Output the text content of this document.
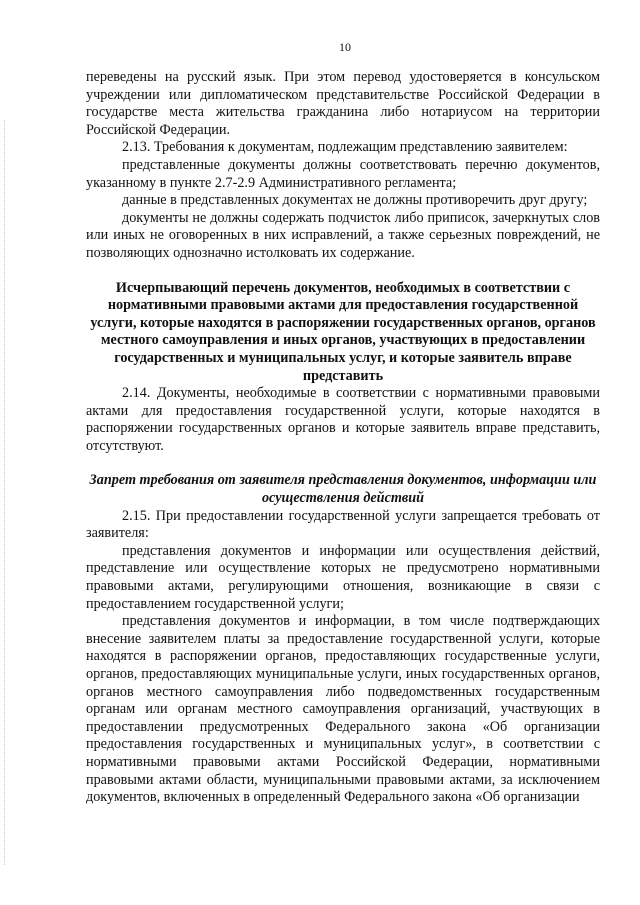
10

переведены на русский язык. При этом перевод удостоверяется в консульском учреждении или дипломатическом представительстве Российской Федерации в государстве места жительства гражданина либо нотариусом на территории Российской Федерации.

2.13. Требования к документам, подлежащим представлению заявителем:

представленные документы должны соответствовать перечню документов, указанному в пункте 2.7-2.9 Административного регламента;

данные в представленных документах не должны противоречить друг другу;

документы не должны содержать подчисток либо приписок, зачеркнутых слов или иных не оговоренных в них исправлений, а также серьезных повреждений, не позволяющих однозначно истолковать их содержание.

Исчерпывающий перечень документов, необходимых в соответствии с нормативными правовыми актами для предоставления государственной услуги, которые находятся в распоряжении государственных органов, органов местного самоуправления и иных органов, участвующих в предоставлении государственных и муниципальных услуг, и которые заявитель вправе представить

2.14. Документы, необходимые в соответствии с нормативными правовыми актами для предоставления государственной услуги, которые находятся в распоряжении государственных органов и которые заявитель вправе представить, отсутствуют.

Запрет требования от заявителя представления документов, информации или осуществления действий

2.15. При предоставлении государственной услуги запрещается требовать от заявителя:

представления документов и информации или осуществления действий, представление или осуществление которых не предусмотрено нормативными правовыми актами, регулирующими отношения, возникающие в связи с предоставлением государственной услуги;

представления документов и информации, в том числе подтверждающих внесение заявителем платы за предоставление государственной услуги, которые находятся в распоряжении органов, предоставляющих государственные услуги, органов, предоставляющих муниципальные услуги, иных государственных органов, органов местного самоуправления либо подведомственных государственным органам или органам местного самоуправления организаций, участвующих в предоставлении предусмотренных Федерального закона «Об организации предоставления государственных и муниципальных услуг», в соответствии с нормативными правовыми актами Российской Федерации, нормативными правовыми актами области, муниципальными правовыми актами, за исключением документов, включенных в определенный Федерального закона «Об организации
